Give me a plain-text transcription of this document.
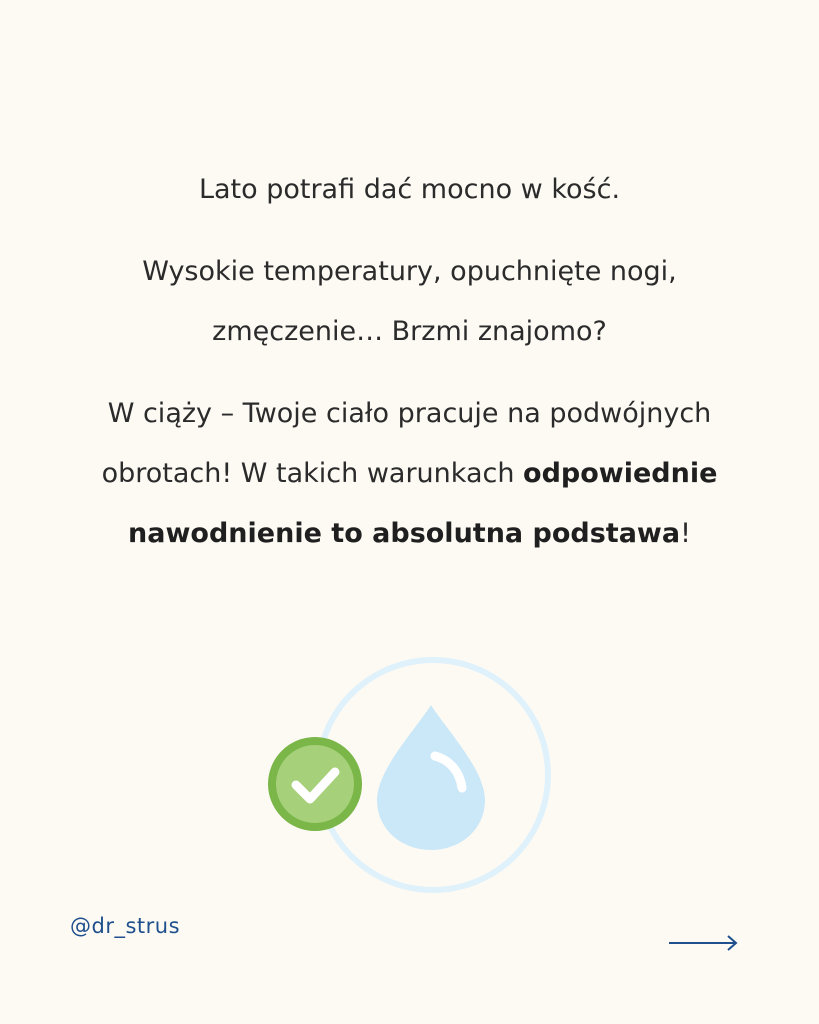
Lato potrafi dać mocno w kość.

Wysokie temperatury, opuchnięte nogi,

zmęczenie… Brzmi znajomo?

W ciąży – Twoje ciało pracuje na podwójnych

obrotach! W takich warunkach odpowiednie

nawodnienie to absolutna podstawa!

@dr_strus
